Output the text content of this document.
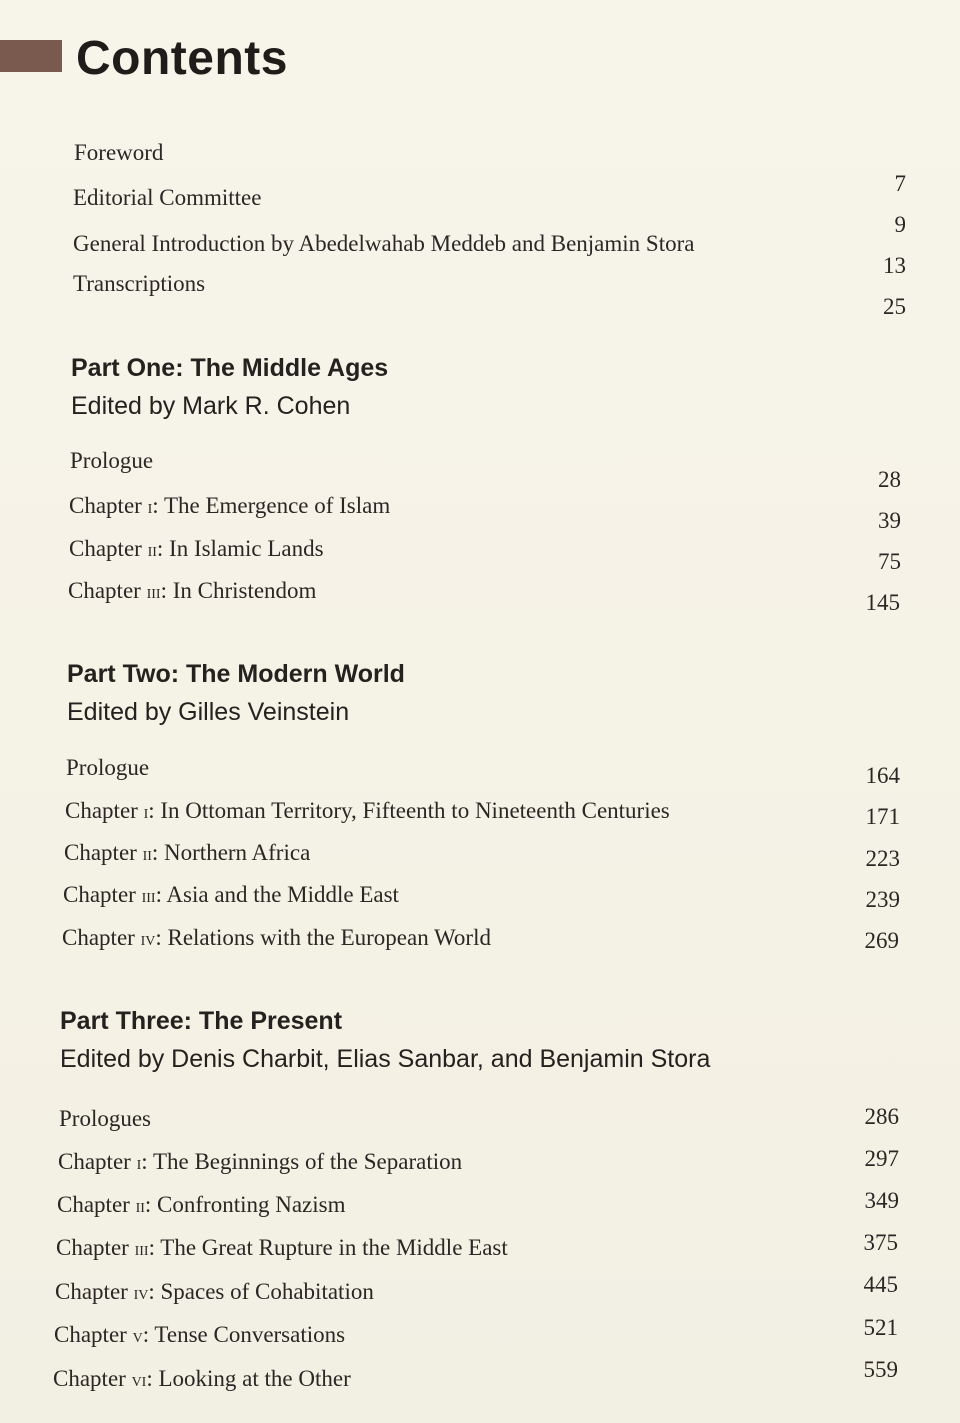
Contents
Foreword
Editorial Committee
General Introduction by Abedelwahab Meddeb and Benjamin Stora
Transcriptions
7
9
13
25
Part One: The Middle Ages
Edited by Mark R. Cohen
Prologue
Chapter i: The Emergence of Islam
Chapter ii: In Islamic Lands
Chapter iii: In Christendom
28
39
75
145
Part Two: The Modern World
Edited by Gilles Veinstein
Prologue
Chapter i: In Ottoman Territory, Fifteenth to Nineteenth Centuries
Chapter ii: Northern Africa
Chapter iii: Asia and the Middle East
Chapter iv: Relations with the European World
164
171
223
239
269
Part Three: The Present
Edited by Denis Charbit, Elias Sanbar, and Benjamin Stora
Prologues
Chapter i: The Beginnings of the Separation
Chapter ii: Confronting Nazism
Chapter iii: The Great Rupture in the Middle East
Chapter iv: Spaces of Cohabitation
Chapter v: Tense Conversations
Chapter vi: Looking at the Other
286
297
349
375
445
521
559
